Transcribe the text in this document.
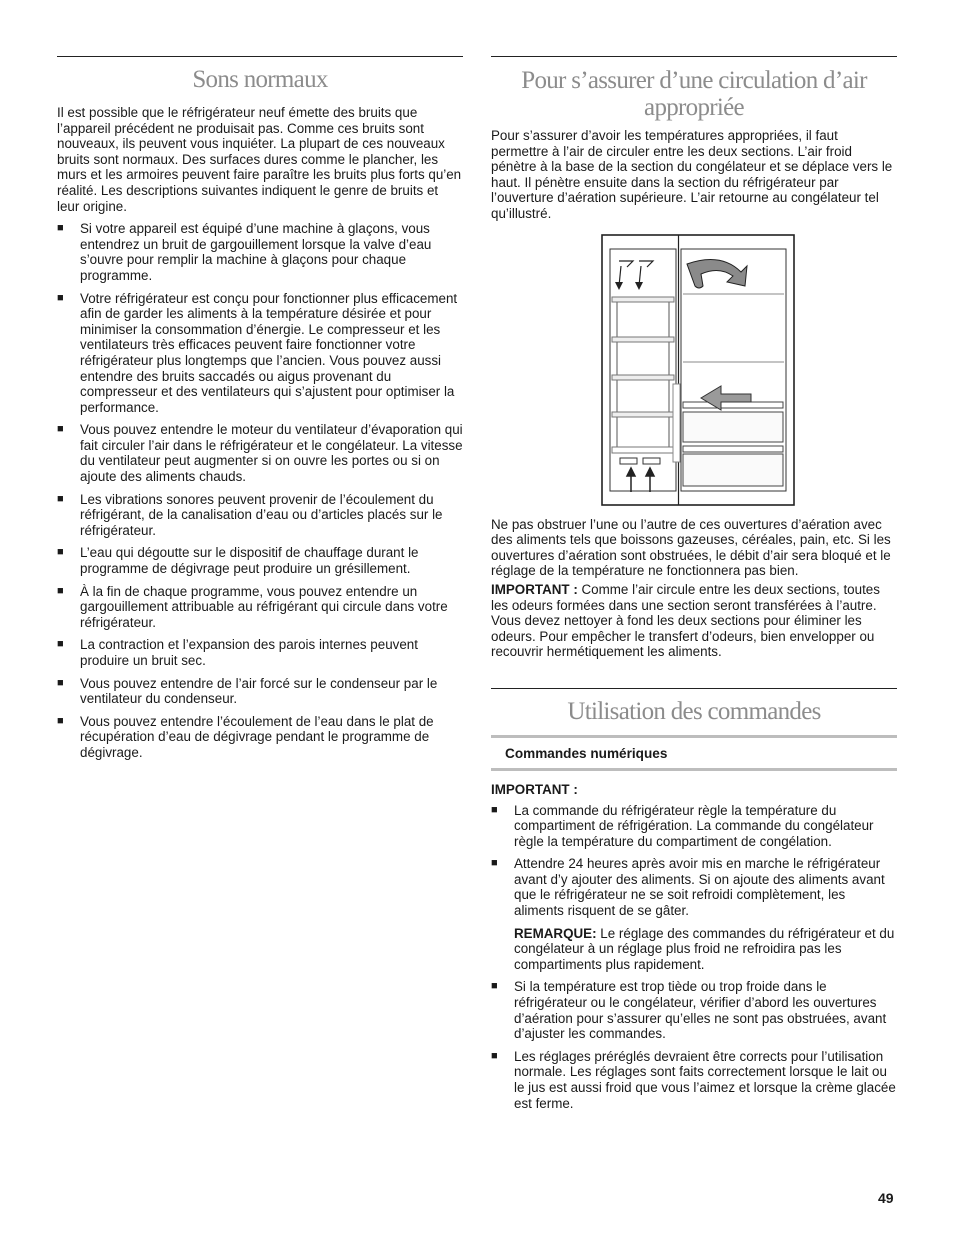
Sons normaux

Il est possible que le réfrigérateur neuf émette des bruits que l’appareil précédent ne produisait pas. Comme ces bruits sont nouveaux, ils peuvent vous inquiéter. La plupart de ces nouveaux bruits sont normaux. Des surfaces dures comme le plancher, les murs et les armoires peuvent faire paraître les bruits plus forts qu’en réalité. Les descriptions suivantes indiquent le genre de bruits et leur origine.

■ Si votre appareil est équipé d’une machine à glaçons, vous entendrez un bruit de gargouillement lorsque la valve d’eau s’ouvre pour remplir la machine à glaçons pour chaque programme.
■ Votre réfrigérateur est conçu pour fonctionner plus efficacement afin de garder les aliments à la température désirée et pour minimiser la consommation d’énergie. Le compresseur et les ventilateurs très efficaces peuvent faire fonctionner votre réfrigérateur plus longtemps que l’ancien. Vous pouvez aussi entendre des bruits saccadés ou aigus provenant du compresseur et des ventilateurs qui s’ajustent pour optimiser la performance.
■ Vous pouvez entendre le moteur du ventilateur d’évaporation qui fait circuler l’air dans le réfrigérateur et le congélateur. La vitesse du ventilateur peut augmenter si on ouvre les portes ou si on ajoute des aliments chauds.
■ Les vibrations sonores peuvent provenir de l’écoulement du réfrigérant, de la canalisation d’eau ou d’articles placés sur le réfrigérateur.
■ L’eau qui dégoutte sur le dispositif de chauffage durant le programme de dégivrage peut produire un grésillement.
■ À la fin de chaque programme, vous pouvez entendre un gargouillement attribuable au réfrigérant qui circule dans votre réfrigérateur.
■ La contraction et l’expansion des parois internes peuvent produire un bruit sec.
■ Vous pouvez entendre de l’air forcé sur le condenseur par le ventilateur du condenseur.
■ Vous pouvez entendre l’écoulement de l’eau dans le plat de récupération d’eau de dégivrage pendant le programme de dégivrage.
Pour s’assurer d’une circulation d’air appropriée

Pour s’assurer d’avoir les températures appropriées, il faut permettre à l’air de circuler entre les deux sections. L’air froid pénètre à la base de la section du congélateur et se déplace vers le haut. Il pénètre ensuite dans la section du réfrigérateur par l’ouverture d’aération supérieure. L’air retourne au congélateur tel qu’illustré.

Ne pas obstruer l’une ou l’autre de ces ouvertures d’aération avec des aliments tels que boissons gazeuses, céréales, pain, etc. Si les ouvertures d’aération sont obstruées, le débit d’air sera bloqué et le réglage de la température ne fonctionnera pas bien.

IMPORTANT : Comme l’air circule entre les deux sections, toutes les odeurs formées dans une section seront transférées à l’autre. Vous devez nettoyer à fond les deux sections pour éliminer les odeurs. Pour empêcher le transfert d’odeurs, bien envelopper ou recouvrir hermétiquement les aliments.

Utilisation des commandes
Commandes numériques

IMPORTANT :

■ La commande du réfrigérateur règle la température du compartiment de réfrigération. La commande du congélateur règle la température du compartiment de congélation.
■ Attendre 24 heures après avoir mis en marche le réfrigérateur avant d’y ajouter des aliments. Si on ajoute des aliments avant que le réfrigérateur ne se soit refroidi complètement, les aliments risquent de se gâter.

REMARQUE: Le réglage des commandes du réfrigérateur et du congélateur à un réglage plus froid ne refroidira pas les compartiments plus rapidement.

■ Si la température est trop tiède ou trop froide dans le réfrigérateur ou le congélateur, vérifier d’abord les ouvertures d’aération pour s’assurer qu’elles ne sont pas obstruées, avant d’ajuster les commandes.
■ Les réglages préréglés devraient être corrects pour l’utilisation normale. Les réglages sont faits correctement lorsque le lait ou le jus est aussi froid que vous l’aimez et lorsque la crème glacée est ferme.
49
